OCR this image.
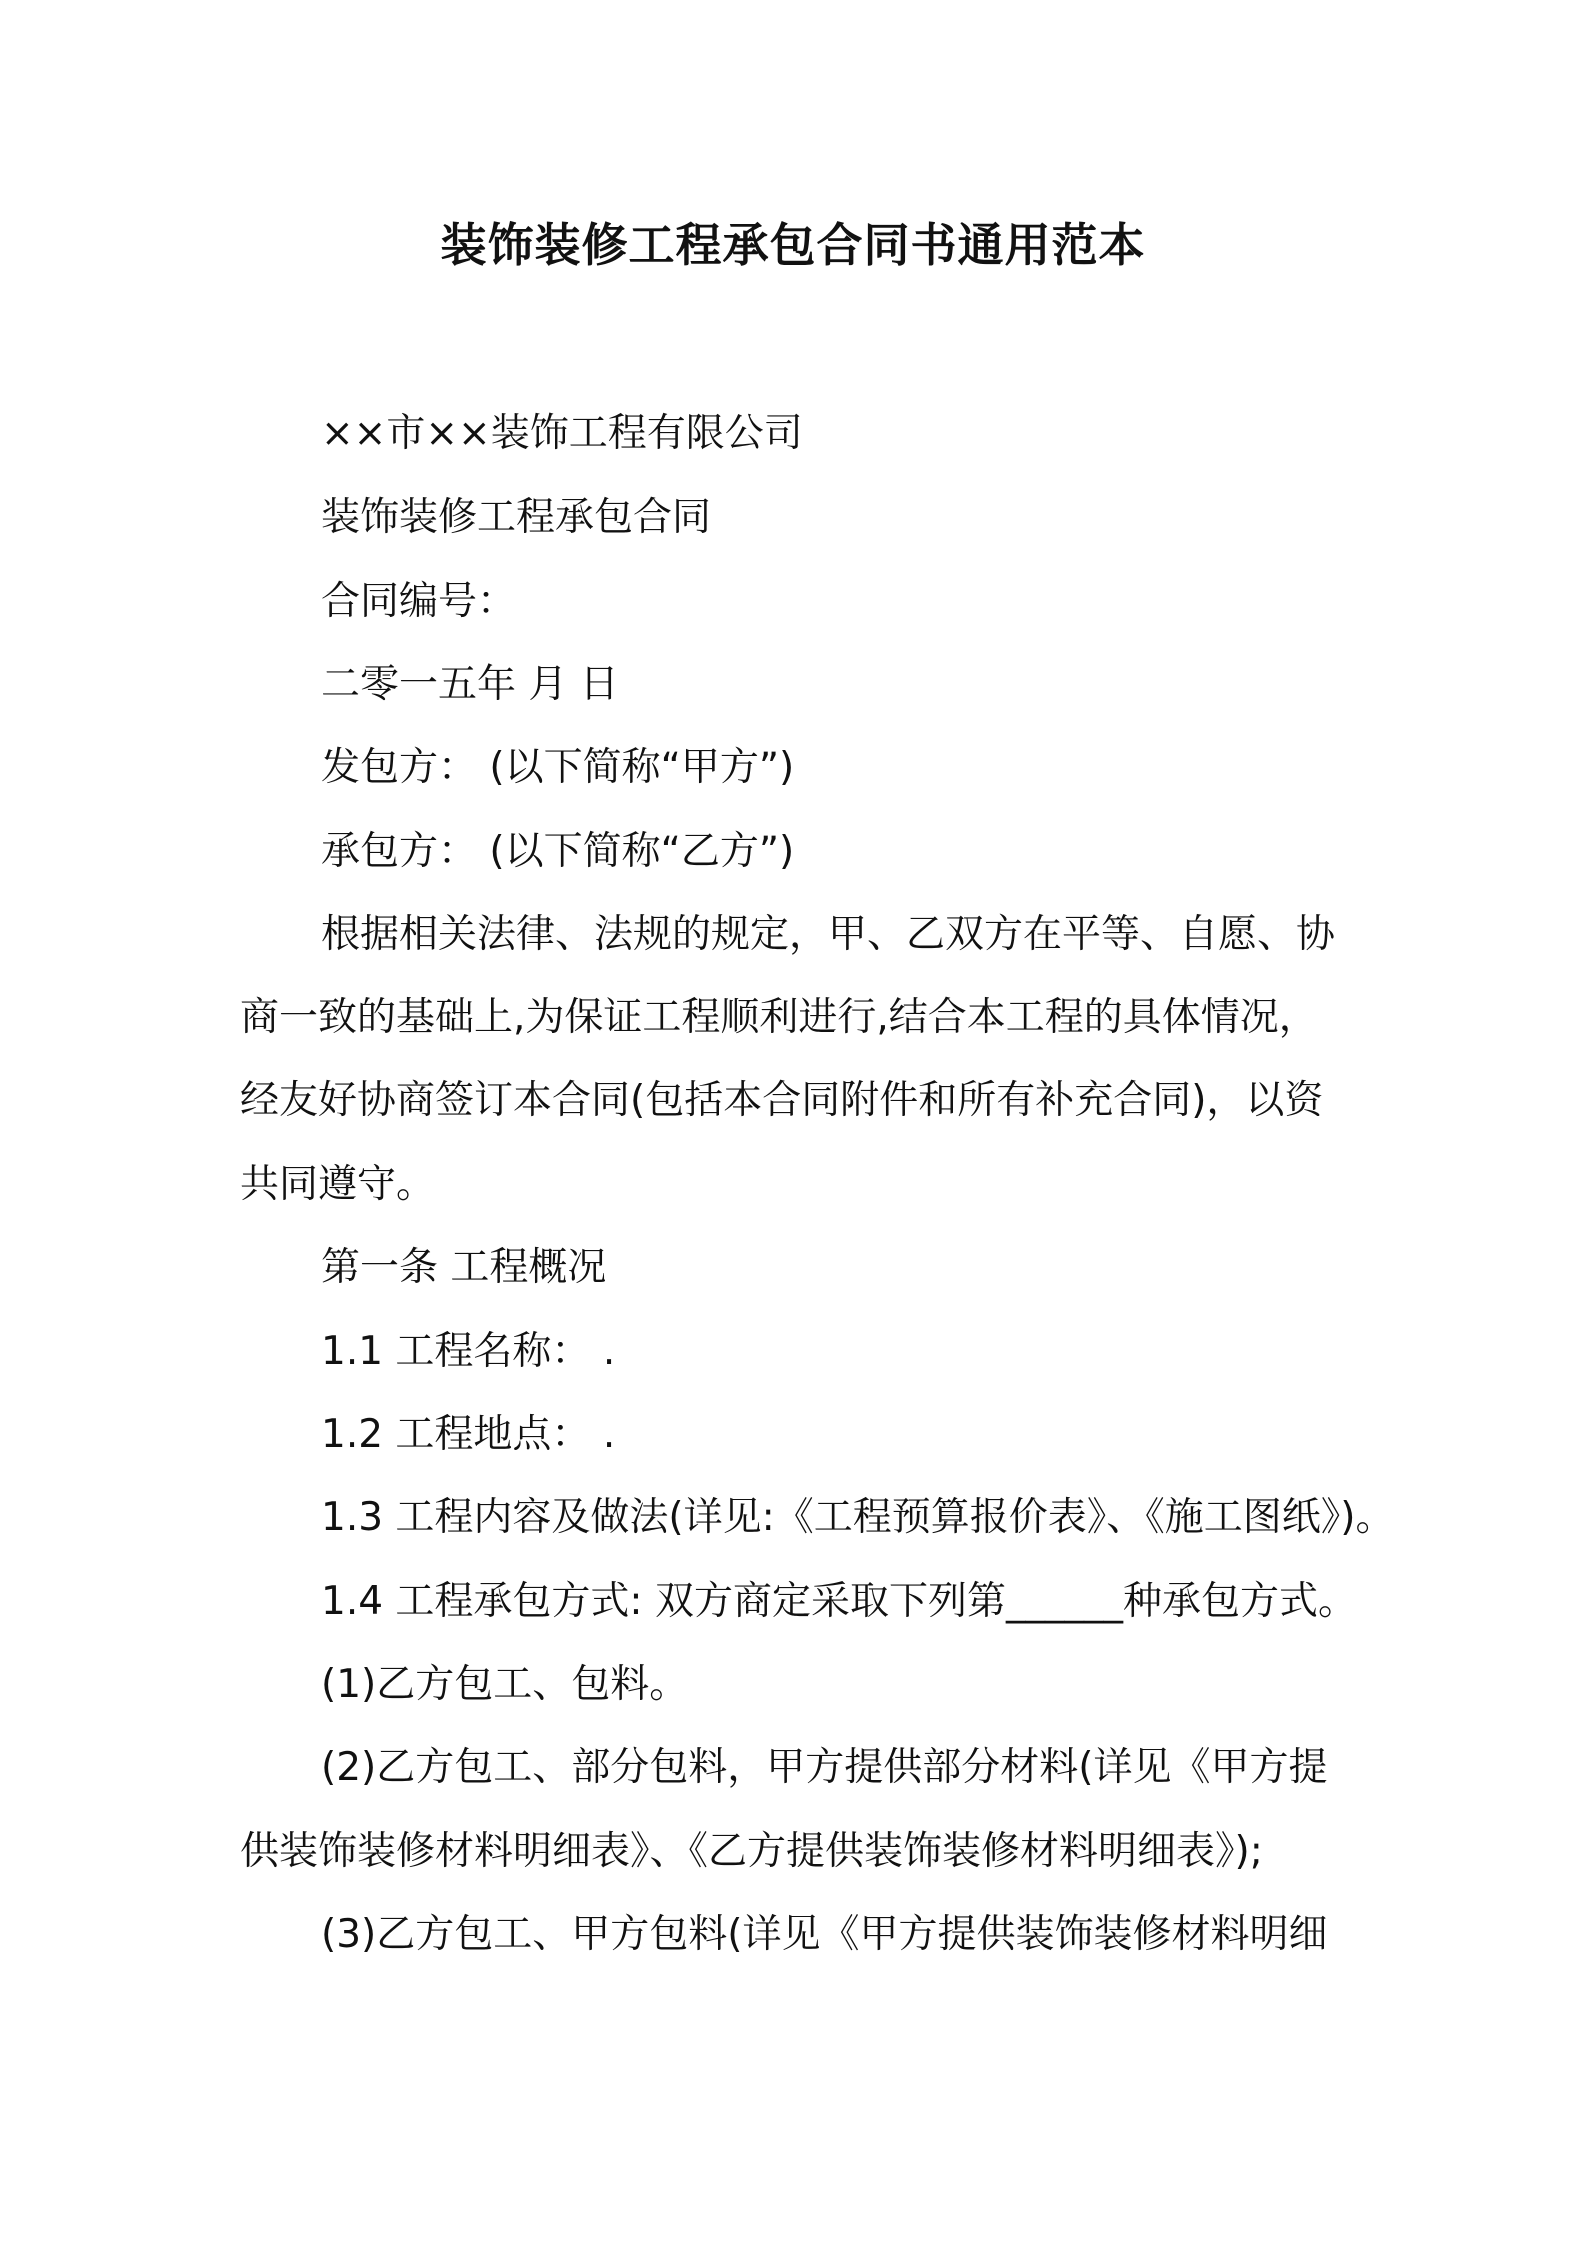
装饰装修工程承包合同书通用范本
××市××装饰工程有限公司
装饰装修工程承包合同
合同编号：
二零一五年 月 日
发包方： (以下简称“甲方”)
承包方： (以下简称“乙方”)
根据相关法律、法规的规定，甲、乙双方在平等、自愿、协
商一致的基础上,为保证工程顺利进行,结合本工程的具体情况，
经友好协商签订本合同(包括本合同附件和所有补充合同)，以资
共同遵守。
第一条 工程概况
1.1 工程名称： .
1.2 工程地点： .
1.3 工程内容及做法(详见:《工程预算报价表》、《施工图纸》)。
1.4 工程承包方式: 双方商定采取下列第______种承包方式。
(1)乙方包工、包料。
(2)乙方包工、部分包料，甲方提供部分材料(详见《甲方提
供装饰装修材料明细表》、《乙方提供装饰装修材料明细表》);
(3)乙方包工、甲方包料(详见《甲方提供装饰装修材料明细
